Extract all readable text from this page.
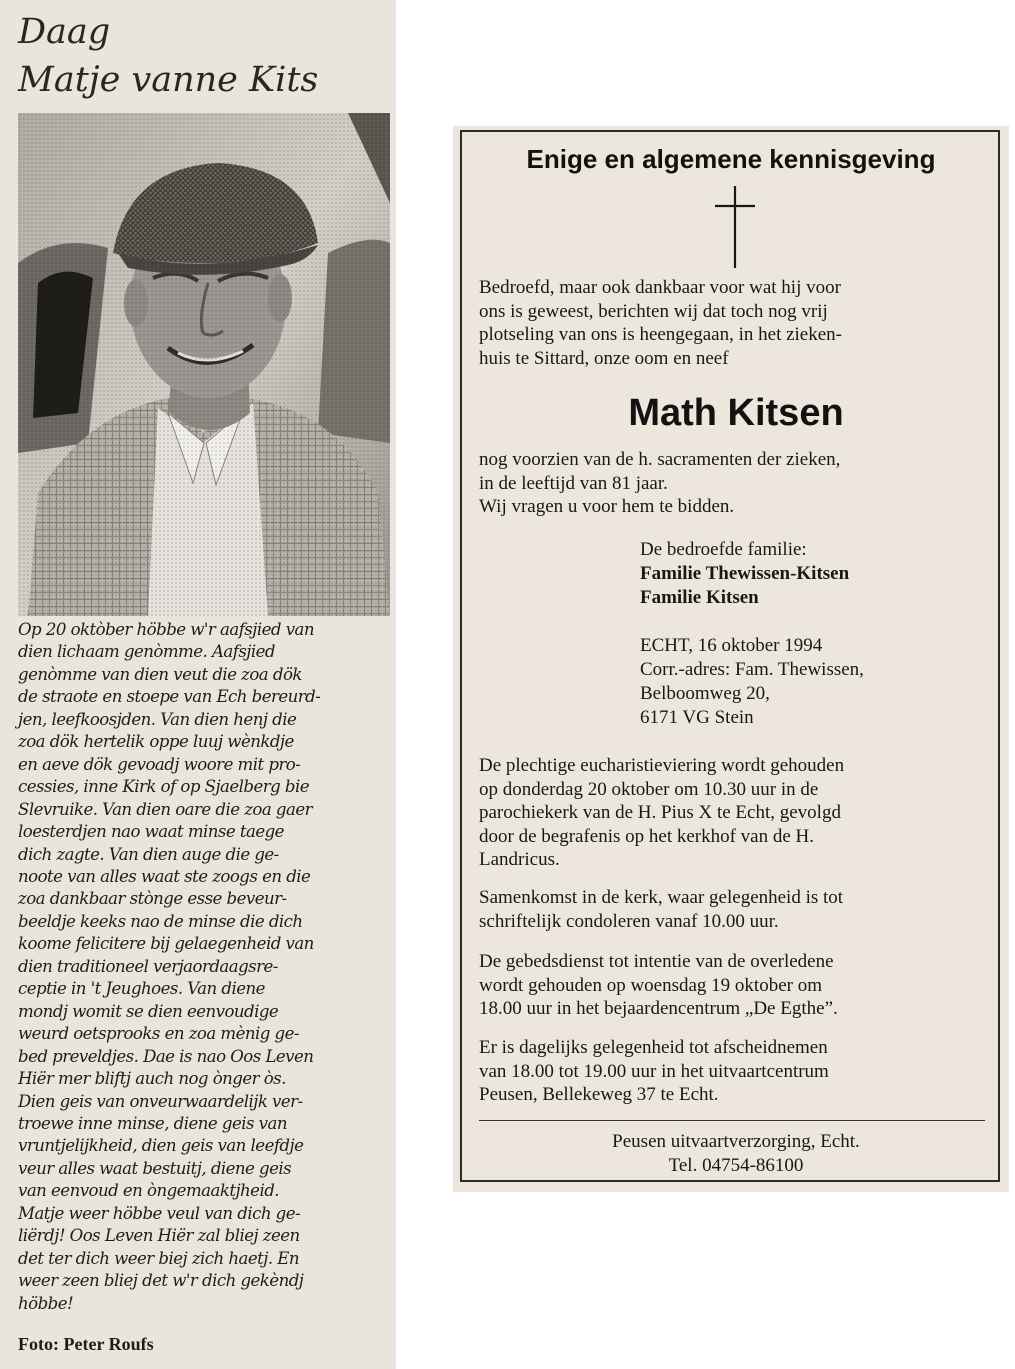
Daag
Matje vanne Kits

Op 20 oktòber höbbe w'r aafsjied van
dien lichaam genòmme. Aafsjied
genòmme van dien veut die zoa dök
de straote en stoepe van Ech bereurd-
jen, leefkoosjden. Van dien henj die
zoa dök hertelik oppe luuj wènkdje
en aeve dök gevoadj woore mit pro-
cessies, inne Kirk of op Sjaelberg bie
Slevruike. Van dien oare die zoa gaer
loesterdjen nao waat minse taege
dich zagte. Van dien auge die ge-
noote van alles waat ste zoogs en die
zoa dankbaar stònge esse beveur-
beeldje keeks nao de minse die dich
koome felicitere bij gelaegenheid van
dien traditioneel verjaordaagsre-
ceptie in 't Jeughoes. Van diene
mondj womit se dien eenvoudige
weurd oetsprooks en zoa mènig ge-
bed preveldjes. Dae is nao Oos Leven
Hiër mer bliftj auch nog ònger òs.
Dien geis van onveurwaardelijk ver-
troewe inne minse, diene geis van
vruntjelijkheid, dien geis van leefdje
veur alles waat bestuitj, diene geis
van eenvoud en òngemaaktjheid.
Matje weer höbbe veul van dich ge-
liërdj! Oos Leven Hiër zal bliej zeen
det ter dich weer biej zich haetj. En
weer zeen bliej det w'r dich gekèndj
höbbe!

Foto: Peter Roufs
Enige en algemene kennisgeving

Bedroefd, maar ook dankbaar voor wat hij voor
ons is geweest, berichten wij dat toch nog vrij
plotseling van ons is heengegaan, in het zieken-
huis te Sittard, onze oom en neef

Math Kitsen

nog voorzien van de h. sacramenten der zieken,
in de leeftijd van 81 jaar.
Wij vragen u voor hem te bidden.

De bedroefde familie:
Familie Thewissen-Kitsen
Familie Kitsen
ECHT, 16 oktober 1994
Corr.-adres: Fam. Thewissen,
Belboomweg 20,
6171 VG Stein

De plechtige eucharistieviering wordt gehouden
op donderdag 20 oktober om 10.30 uur in de
parochiekerk van de H. Pius X te Echt, gevolgd
door de begrafenis op het kerkhof van de H.
Landricus.

Samenkomst in de kerk, waar gelegenheid is tot
schriftelijk condoleren vanaf 10.00 uur.

De gebedsdienst tot intentie van de overledene
wordt gehouden op woensdag 19 oktober om
18.00 uur in het bejaardencentrum „De Egthe”.

Er is dagelijks gelegenheid tot afscheidnemen
van 18.00 tot 19.00 uur in het uitvaartcentrum
Peusen, Bellekeweg 37 te Echt.

Peusen uitvaartverzorging, Echt.
Tel. 04754-86100
